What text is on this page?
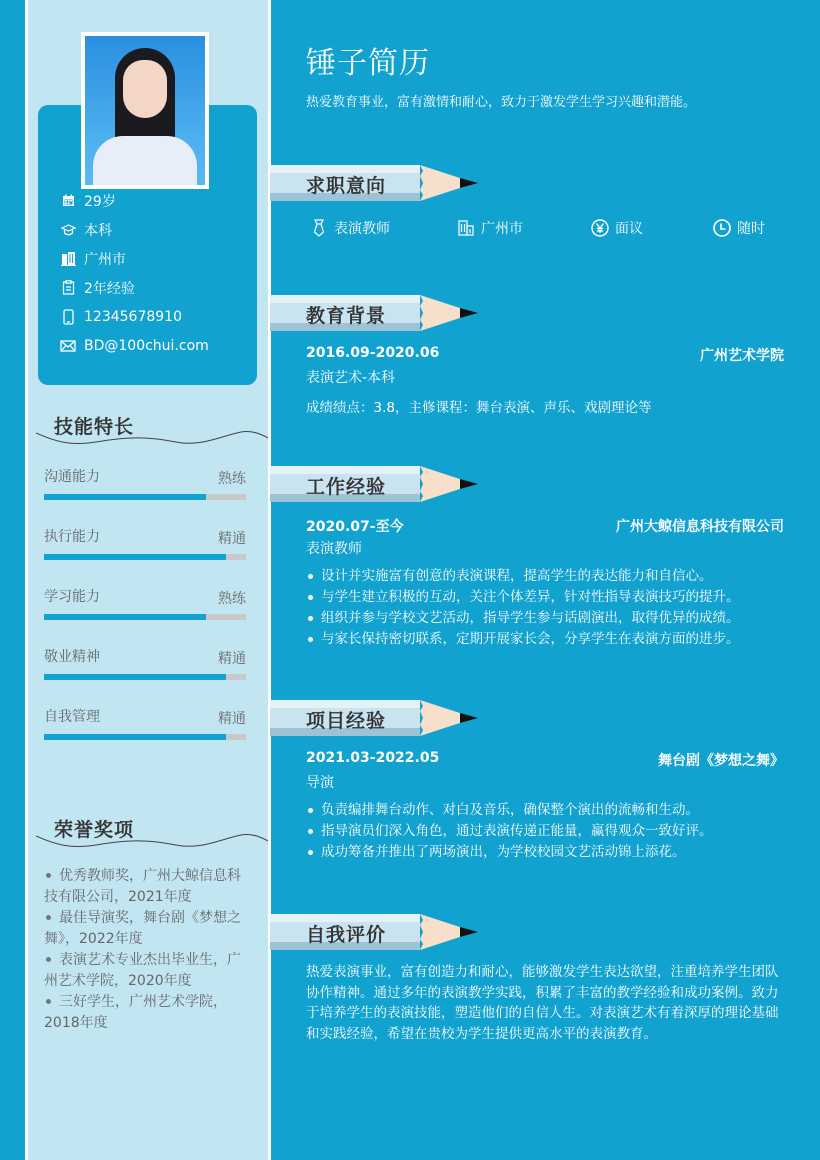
29岁
本科
广州市
2年经验
12345678910
BD@100chui.com
技能特长
沟通能力	熟练
执行能力	精通
学习能力	熟练
敬业精神	精通
自我管理	精通
荣誉奖项
优秀教师奖，广州大鲸信息科技有限公司，2021年度
最佳导演奖，舞台剧《梦想之舞》，2022年度
表演艺术专业杰出毕业生，广州艺术学院，2020年度
三好学生，广州艺术学院，2018年度
锤子简历
热爱教育事业，富有激情和耐心，致力于激发学生学习兴趣和潜能。
求职意向
表演教师	广州市	面议	随时
教育背景
2016.09-2020.06	广州艺术学院
表演艺术-本科
成绩绩点：3.8，主修课程：舞台表演、声乐、戏剧理论等
工作经验
2020.07-至今	广州大鲸信息科技有限公司
表演教师
设计并实施富有创意的表演课程，提高学生的表达能力和自信心。
与学生建立积极的互动，关注个体差异，针对性指导表演技巧的提升。
组织并参与学校文艺活动，指导学生参与话剧演出，取得优异的成绩。
与家长保持密切联系，定期开展家长会，分享学生在表演方面的进步。
项目经验
2021.03-2022.05	舞台剧《梦想之舞》
导演
负责编排舞台动作、对白及音乐，确保整个演出的流畅和生动。
指导演员们深入角色，通过表演传递正能量，赢得观众一致好评。
成功筹备并推出了两场演出，为学校校园文艺活动锦上添花。
自我评价
热爱表演事业，富有创造力和耐心，能够激发学生表达欲望，注重培养学生团队协作精神。通过多年的表演教学实践，积累了丰富的教学经验和成功案例。致力于培养学生的表演技能，塑造他们的自信人生。对表演艺术有着深厚的理论基础和实践经验，希望在贵校为学生提供更高水平的表演教育。
